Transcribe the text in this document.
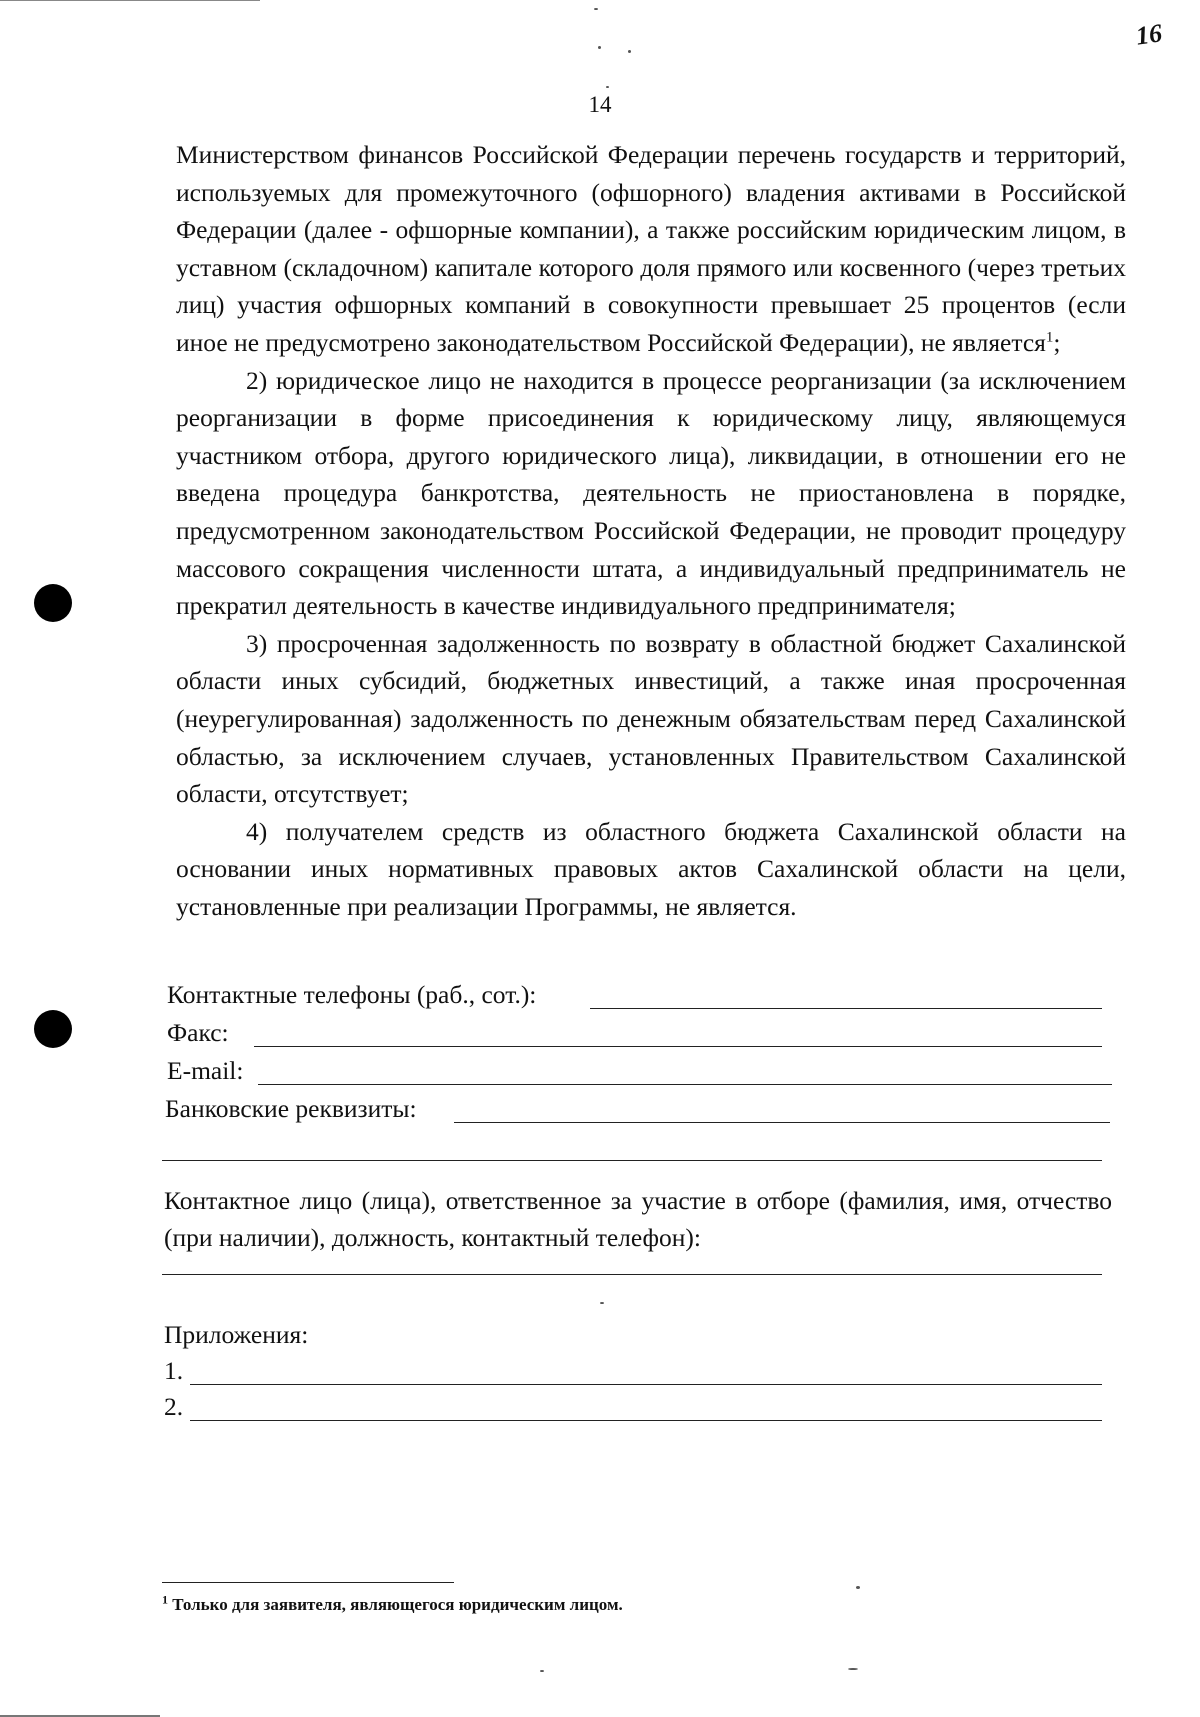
14
16

Министерством финансов Российской Федерации перечень государств и территорий, используемых для промежуточного (офшорного) владения активами в Российской Федерации (далее - офшорные компании), а также российским юридическим лицом, в уставном (складочном) капитале которого доля прямого или косвенного (через третьих лиц) участия офшорных компаний в совокупности превышает 25 процентов (если иное не предусмотрено законодательством Российской Федерации), не является$^1$;

2) юридическое лицо не находится в процессе реорганизации (за исключением реорганизации в форме присоединения к юридическому лицу, являющемуся участником отбора, другого юридического лица), ликвидации, в отношении его не введена процедура банкротства, деятельность не приостановлена в порядке, предусмотренном законодательством Российской Федерации, не проводит процедуру массового сокращения численности штата, а индивидуальный предприниматель не прекратил деятельность в качестве индивидуального предпринимателя;

3) просроченная задолженность по возврату в областной бюджет Сахалинской области иных субсидий, бюджетных инвестиций, а также иная просроченная (неурегулированная) задолженность по денежным обязательствам перед Сахалинской областью, за исключением случаев, установленных Правительством Сахалинской области, отсутствует;

4) получателем средств из областного бюджета Сахалинской области на основании иных нормативных правовых актов Сахалинской области на цели, установленные при реализации Программы, не является.

Контактные телефоны (раб., сот.):
Факс:
E-mail:
Банковские реквизиты:
Контактное лицо (лица), ответственное за участие в отборе (фамилия, имя, отчество (при наличии), должность, контактный телефон):
Приложения:
1.
2.
$^1$ Только для заявителя, являющегося юридическим лицом.
